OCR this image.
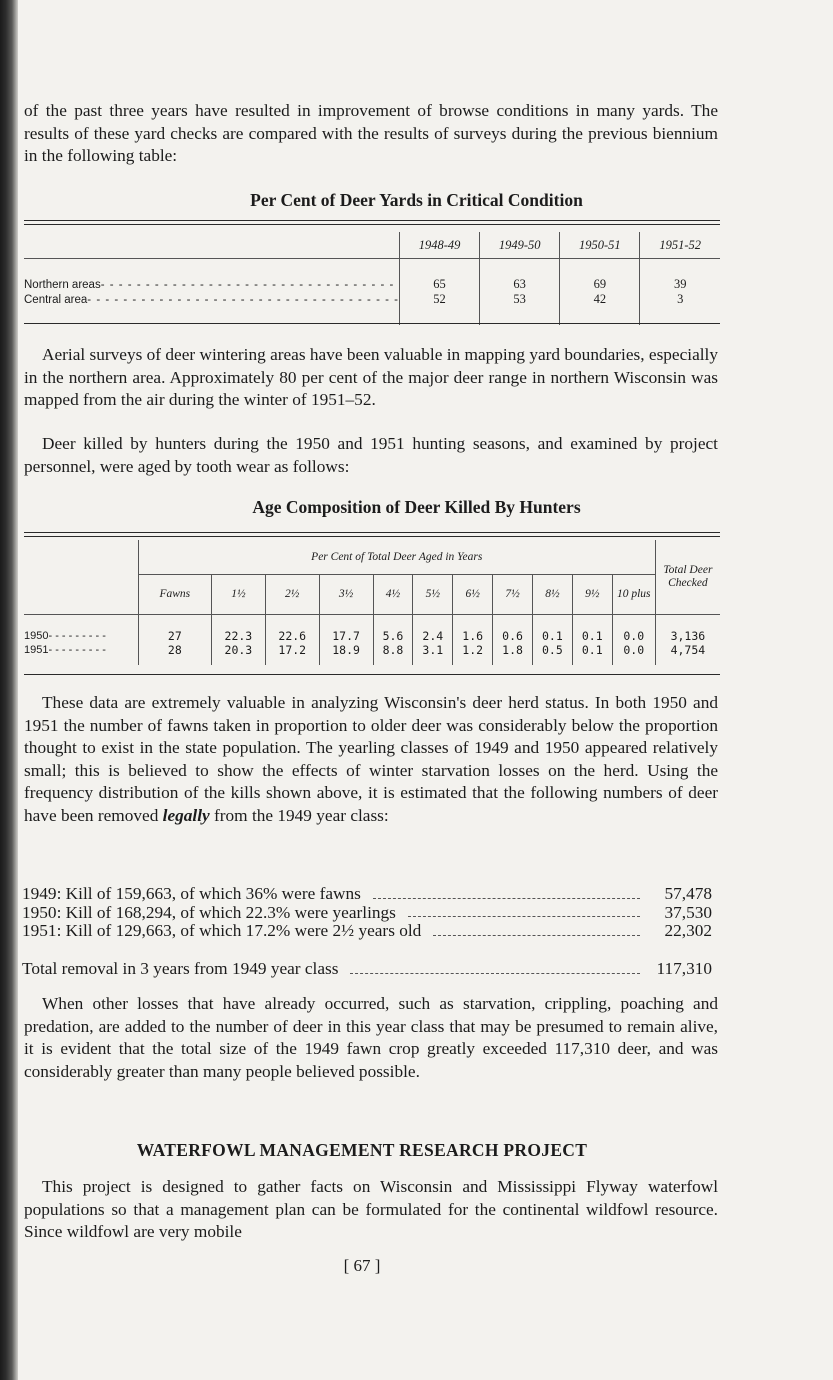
of the past three years have resulted in improvement of browse conditions in many yards. The results of these yard checks are compared with the results of surveys during the previous biennium in the following table:

Per Cent of Deer Yards in Critical Condition

	1948-49	1949-50	1950-51	1951-52

Northern areas- - - - - - - - - - - - - - - - - - - - - - - - - - - - - - - - -	65	63	69	39
Central area- - - - - - - - - - - - - - - - - - - - - - - - - - - - - - - - - - -	52	53	42	3

Aerial surveys of deer wintering areas have been valuable in mapping yard boundaries, especially in the northern area. Approximately 80 per cent of the major deer range in northern Wisconsin was mapped from the air during the winter of 1951–52.

Deer killed by hunters during the 1950 and 1951 hunting seasons, and examined by project personnel, were aged by tooth wear as follows:

Age Composition of Deer Killed By Hunters

	Per Cent of Total Deer Aged in Years											Total Deer Checked
	Fawns	1½	2½	3½	4½	5½	6½	7½	8½	9½	10 plus	

1950- - - - - - - - -	27	22.3	22.6	17.7	5.6	2.4	1.6	0.6	0.1	0.1	0.0	3,136
1951- - - - - - - - -	28	20.3	17.2	18.9	8.8	3.1	1.2	1.8	0.5	0.1	0.0	4,754

These data are extremely valuable in analyzing Wisconsin's deer herd status. In both 1950 and 1951 the number of fawns taken in proportion to older deer was considerably below the proportion thought to exist in the state population. The yearling classes of 1949 and 1950 appeared relatively small; this is believed to show the effects of winter starvation losses on the herd. Using the frequency distribution of the kills shown above, it is estimated that the following numbers of deer have been removed legally from the 1949 year class:

1949: Kill of 159,663, of which 36% were fawns	57,478
1950: Kill of 168,294, of which 22.3% were yearlings	37,530
1951: Kill of 129,663, of which 17.2% were 2½ years old	22,302
Total removal in 3 years from 1949 year class	117,310

When other losses that have already occurred, such as starvation, crippling, poaching and predation, are added to the number of deer in this year class that may be presumed to remain alive, it is evident that the total size of the 1949 fawn crop greatly exceeded 117,310 deer, and was considerably greater than many people believed possible.

WATERFOWL MANAGEMENT RESEARCH PROJECT

This project is designed to gather facts on Wisconsin and Mississippi Flyway waterfowl populations so that a management plan can be formulated for the continental wildfowl resource. Since wildfowl are very mobile

[ 67 ]
